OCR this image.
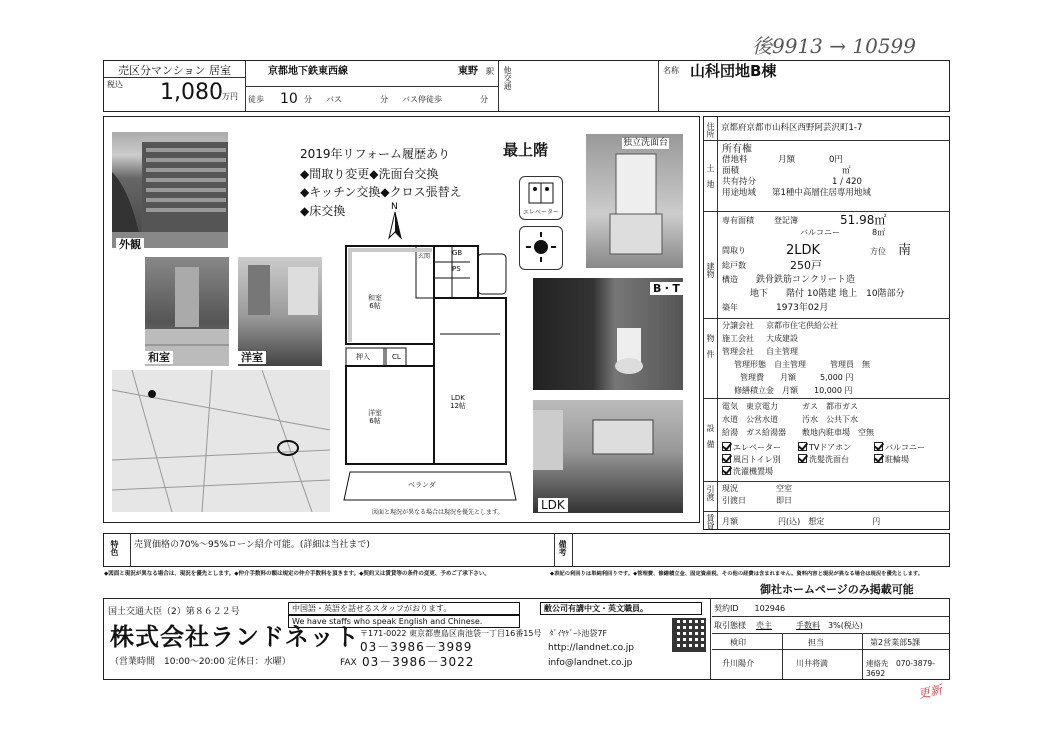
後9913 → 10599
更新
売区分マンション 居室
税込 1,080 万円
京都地下鉄東西線	東野 駅
徒歩 10 分 バス	分 バス停徒歩	分
他交通	名称 山科団地B棟
外観
和室	洋室
2019年リフォーム履歴あり
◆間取り変更◆洗面台交換
◆キッチン交換◆クロス張替え
◆床交換
最上階
エレベーター
N
和室
6帖
LDK
12帖
洋室
6帖
押入	CL
玄関	GB
PS
ベランダ
図面と現況が異なる場合は現況を優先とします。
独立洗面台
B・T
LDK
住所 京都府京都市山科区西野阿芸沢町1-7
土地
所有権
借地料	月額　　　　0円
面積	㎡
共有持分	1 / 420
用途地域	第1種中高層住居専用地域
建物
専有面積	登記簿	51.98㎡
バルコニー	8㎡
間取り	2LDK	方位 南
総戸数	250戸
構造 鉄骨鉄筋コンクリート造
地下　　階付 10階建 地上　10階部分
築年	1973年02月
物件
分譲会社 京都市住宅供給公社
施工会社 大成建設
管理会社 自主管理
管理形態　自主管理　　　管理員　無
管理費　　月額　　　5,000 円
修繕積立金　月額　　10,000 円
設備
電気　東京電力　　　ガス　都市ガス
水道　公営水道　　　汚水　公共下水
給湯　ガス給湯器　　敷地内駐車場　空無
エレベーター	TVドアホン	バルコニー
風呂トイレ別	洗髪洗面台	駐輪場
洗濯機置場
引渡 現況	空室
引渡日	即日
賃貸 月額　　　　　円(込)　想定　　　　　　円
特色 売買価格の70%〜95%ローン紹介可能。(詳細は当社まで)	備考
◆図面と現況が異なる場合は、現況を優先とします。◆仲介手数料の額は規定の仲介手数料を頂きます。◆契約又は賃貸等の条件の変更、予めご了承下さい。	◆表記の利回りは単純利回りです。◆管理費、修繕積立金、固定資産税、その他の経費は含まれません。資料内容と現況が異なる場合は現況を優先とします。
御社ホームページのみ掲載可能
国土交通大臣（2）第８６２２号
株式会社ランドネット
（営業時間　10:00〜20:00 定休日：水曜）
中国語・英語を話せるスタッフがおります。	敝公司有講中文・英文職員。
We have staffs who speak English and Chinese.
〒171-0022 東京都豊島区南池袋一丁目16番15号　ﾀﾞｲﾔｹﾞｰﾄ池袋7F
03－3986－3989	http://landnet.co.jp
FAX 03－3986－3022	info@landnet.co.jp
契約ID 102946
取引態様 売主	手数料 3%(税込)
検印	担当	第2営業部5課
升川陽介	川井将満	連絡先　070-3879-3692
